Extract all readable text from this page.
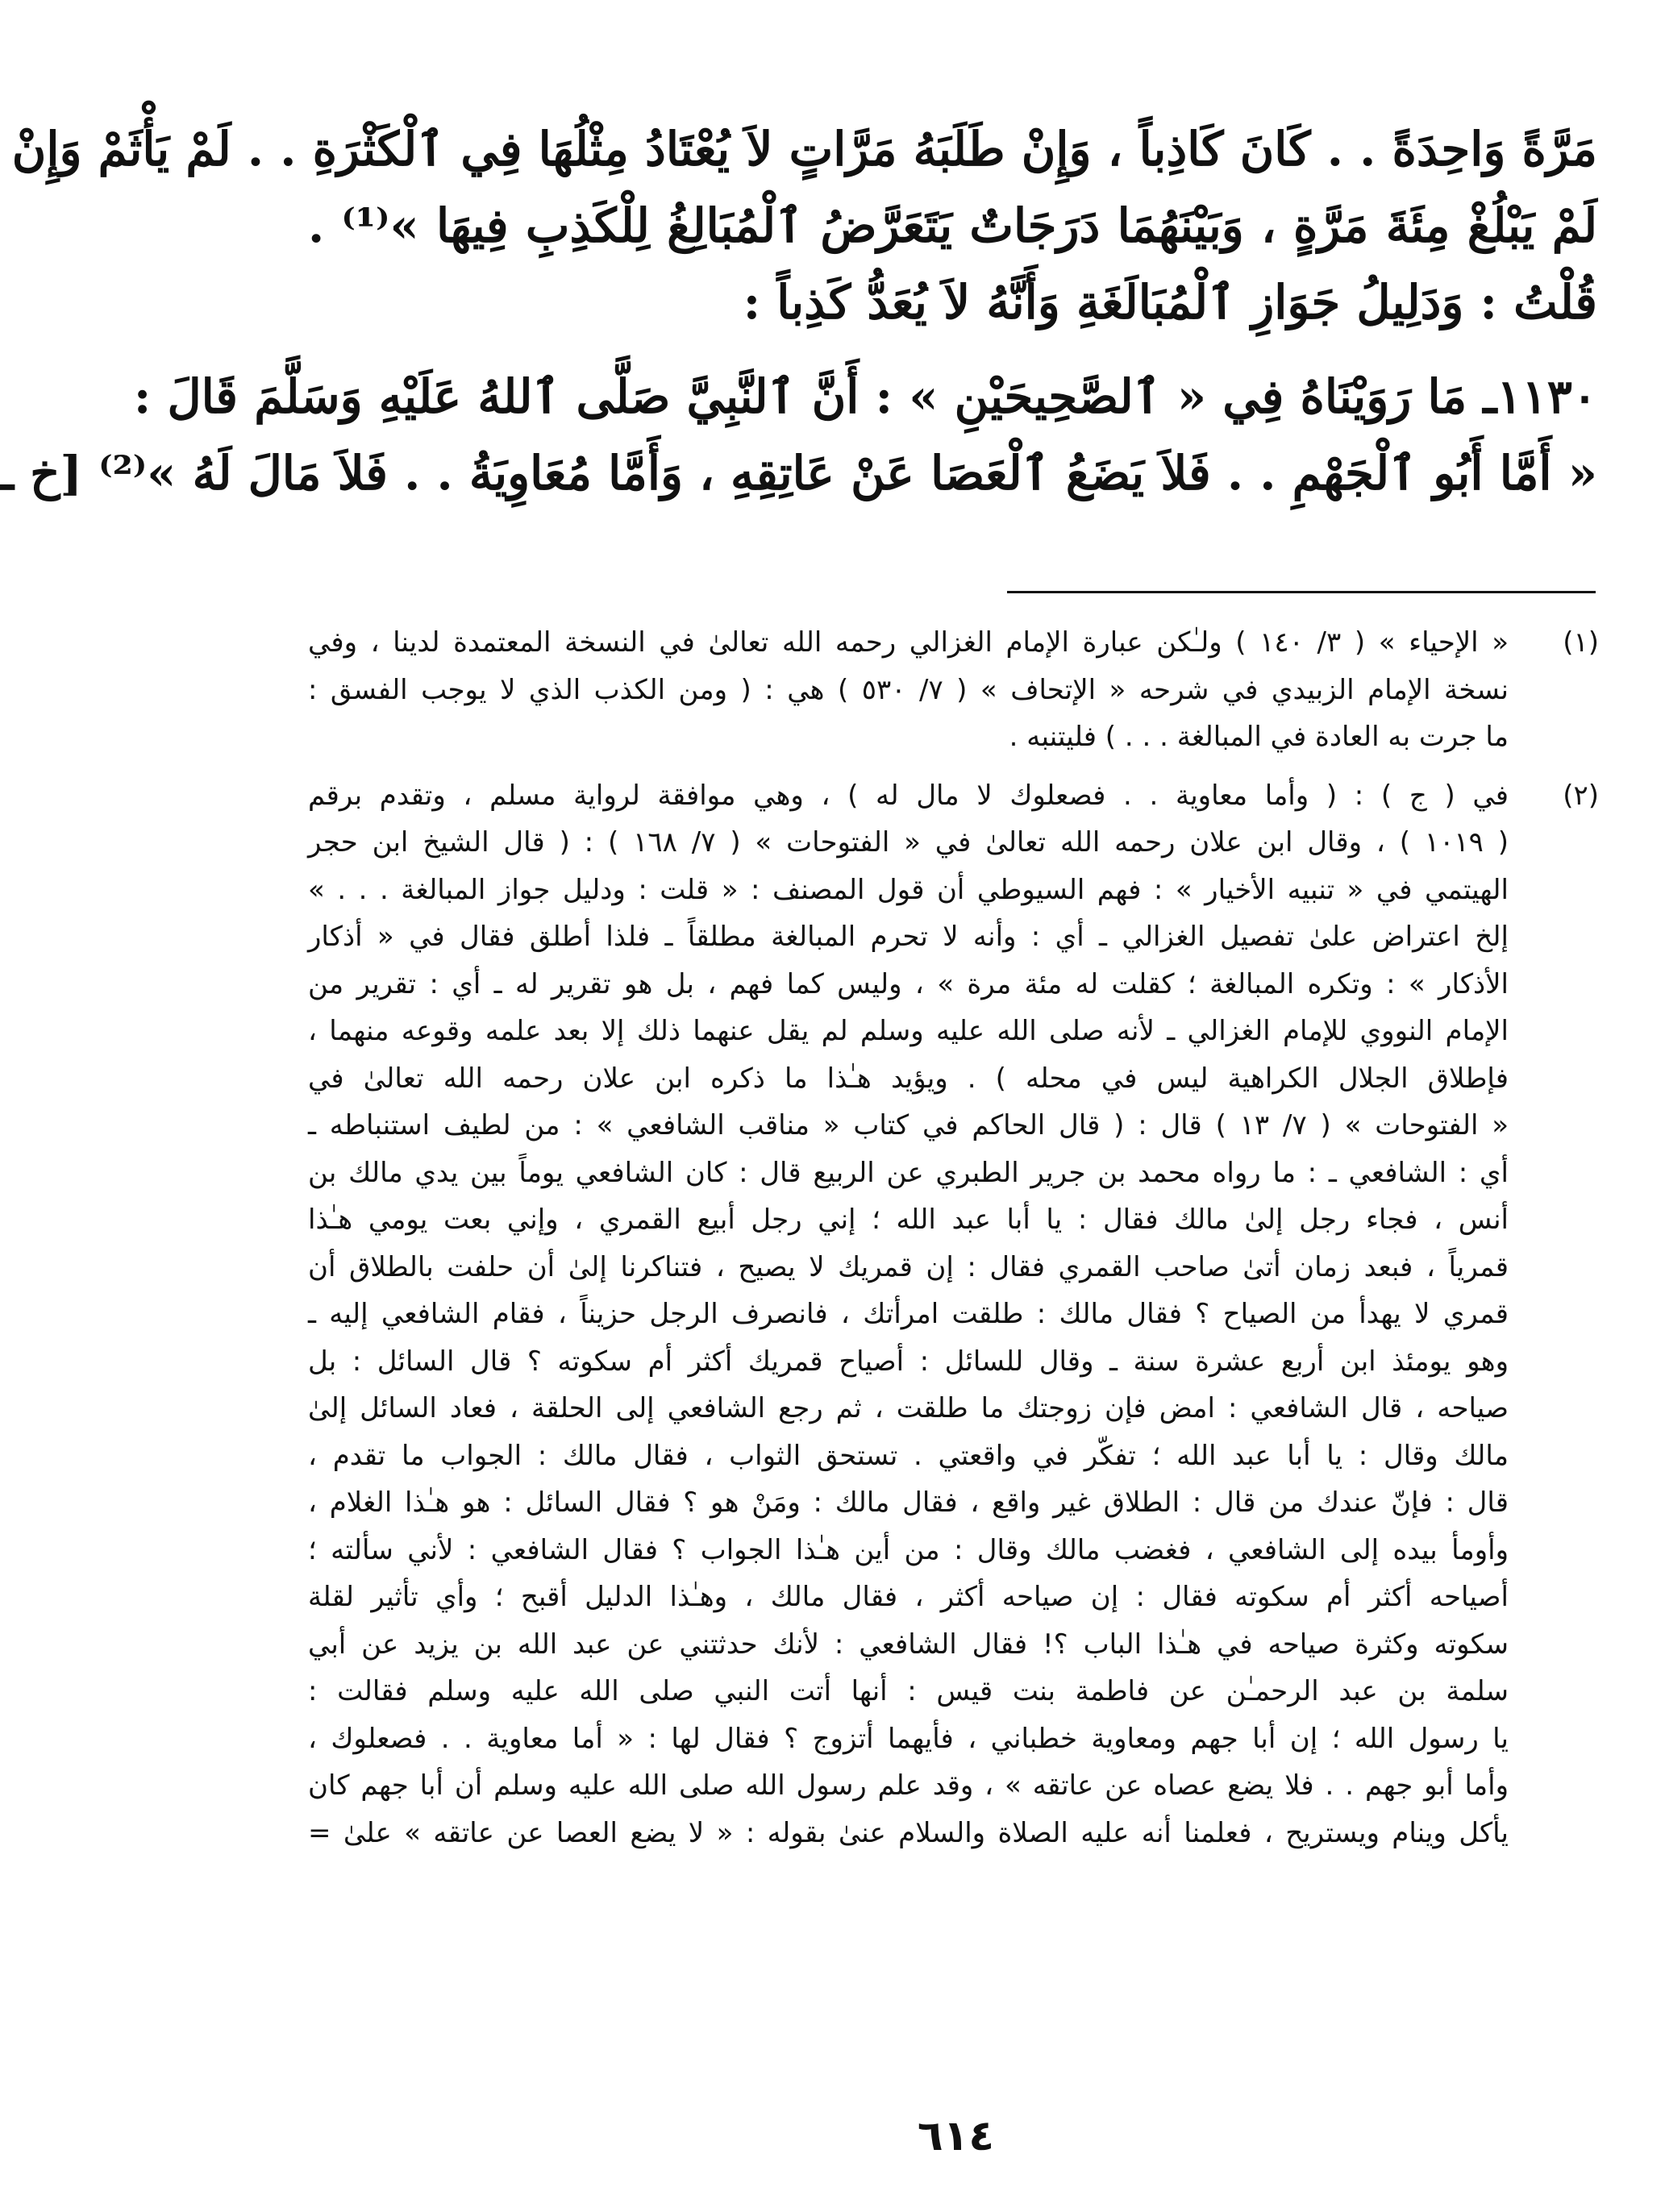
مَرَّةً وَاحِدَةً . . كَانَ كَاذِباً ، وَإِنْ طَلَبَهُ مَرَّاتٍ لاَ يُعْتَادُ مِثْلُهَا فِي ٱلْكَثْرَةِ . . لَمْ يَأْثَمْ وَإِنْ
لَمْ يَبْلُغْ مِئَةَ مَرَّةٍ ، وَبَيْنَهُمَا دَرَجَاتٌ يَتَعَرَّضُ ٱلْمُبَالِغُ لِلْكَذِبِ فِيهَا »⁽¹⁾ .
قُلْتُ : وَدَلِيلُ جَوَازِ ٱلْمُبَالَغَةِ وَأَنَّهُ لاَ يُعَدُّ كَذِباً :
١١٣٠ـ مَا رَوَيْنَاهُ فِي « ٱلصَّحِيحَيْنِ » : أَنَّ ٱلنَّبِيَّ صَلَّى ٱللهُ عَلَيْهِ وَسَلَّمَ قَالَ :
« أَمَّا أَبُو ٱلْجَهْمِ . . فَلاَ يَضَعُ ٱلْعَصَا عَنْ عَاتِقِهِ ، وَأَمَّا مُعَاوِيَةُ . . فَلاَ مَالَ لَهُ »⁽²⁾ [خ ـ
(١)
« الإحياء » ( ٣/ ١٤٠ ) ولـٰكن عبارة الإمام الغزالي رحمه الله تعالىٰ في النسخة المعتمدة لدينا ، وفي
نسخة الإمام الزبيدي في شرحه « الإتحاف » ( ٧/ ٥٣٠ ) هي : ( ومن الكذب الذي لا يوجب الفسق :
ما جرت به العادة في المبالغة . . . ) فليتنبه .
(٢)
في ( ج ) : ( وأما معاوية . . فصعلوك لا مال له ) ، وهي موافقة لرواية مسلم ، وتقدم برقم
( ١٠١٩ ) ، وقال ابن علان رحمه الله تعالىٰ في « الفتوحات » ( ٧/ ١٦٨ ) : ( قال الشيخ ابن حجر
الهيتمي في « تنبيه الأخيار » : فهم السيوطي أن قول المصنف : « قلت : ودليل جواز المبالغة . . . »
إلخ اعتراض علىٰ تفصيل الغزالي ـ أي : وأنه لا تحرم المبالغة مطلقاً ـ فلذا أطلق فقال في « أذكار
الأذكار » : وتكره المبالغة ؛ كقلت له مئة مرة » ، وليس كما فهم ، بل هو تقرير له ـ أي : تقرير من
الإمام النووي للإمام الغزالي ـ لأنه صلى الله عليه وسلم لم يقل عنهما ذلك إلا بعد علمه وقوعه منهما ،
فإطلاق الجلال الكراهية ليس في محله ) . ويؤيد هـٰذا ما ذكره ابن علان رحمه الله تعالىٰ في
« الفتوحات » ( ٧/ ١٣ ) قال : ( قال الحاكم في كتاب « مناقب الشافعي » : من لطيف استنباطه ـ
أي : الشافعي ـ : ما رواه محمد بن جرير الطبري عن الربيع قال : كان الشافعي يوماً بين يدي مالك بن
أنس ، فجاء رجل إلىٰ مالك فقال : يا أبا عبد الله ؛ إني رجل أبيع القمري ، وإني بعت يومي هـٰذا
قمرياً ، فبعد زمان أتىٰ صاحب القمري فقال : إن قمريك لا يصيح ، فتناكرنا إلىٰ أن حلفت بالطلاق أن
قمري لا يهدأ من الصياح ؟ فقال مالك : طلقت امرأتك ، فانصرف الرجل حزيناً ، فقام الشافعي إليه ـ
وهو يومئذ ابن أربع عشرة سنة ـ وقال للسائل : أصياح قمريك أكثر أم سكوته ؟ قال السائل : بل
صياحه ، قال الشافعي : امض فإن زوجتك ما طلقت ، ثم رجع الشافعي إلى الحلقة ، فعاد السائل إلىٰ
مالك وقال : يا أبا عبد الله ؛ تفكّر في واقعتي . تستحق الثواب ، فقال مالك : الجواب ما تقدم ،
قال : فإنّ عندك من قال : الطلاق غير واقع ، فقال مالك : ومَنْ هو ؟ فقال السائل : هو هـٰذا الغلام ،
وأومأ بيده إلى الشافعي ، فغضب مالك وقال : من أين هـٰذا الجواب ؟ فقال الشافعي : لأني سألته ؛
أصياحه أكثر أم سكوته فقال : إن صياحه أكثر ، فقال مالك ، وهـٰذا الدليل أقبح ؛ وأي تأثير لقلة
سكوته وكثرة صياحه في هـٰذا الباب ؟! فقال الشافعي : لأنك حدثتني عن عبد الله بن يزيد عن أبي
سلمة بن عبد الرحمـٰن عن فاطمة بنت قيس : أنها أتت النبي صلى الله عليه وسلم فقالت :
يا رسول الله ؛ إن أبا جهم ومعاوية خطباني ، فأيهما أتزوج ؟ فقال لها : « أما معاوية . . فصعلوك ،
وأما أبو جهم . . فلا يضع عصاه عن عاتقه » ، وقد علم رسول الله صلى الله عليه وسلم أن أبا جهم كان
يأكل وينام ويستريح ، فعلمنا أنه عليه الصلاة والسلام عنىٰ بقوله : « لا يضع العصا عن عاتقه » علىٰ =
٦١٤
